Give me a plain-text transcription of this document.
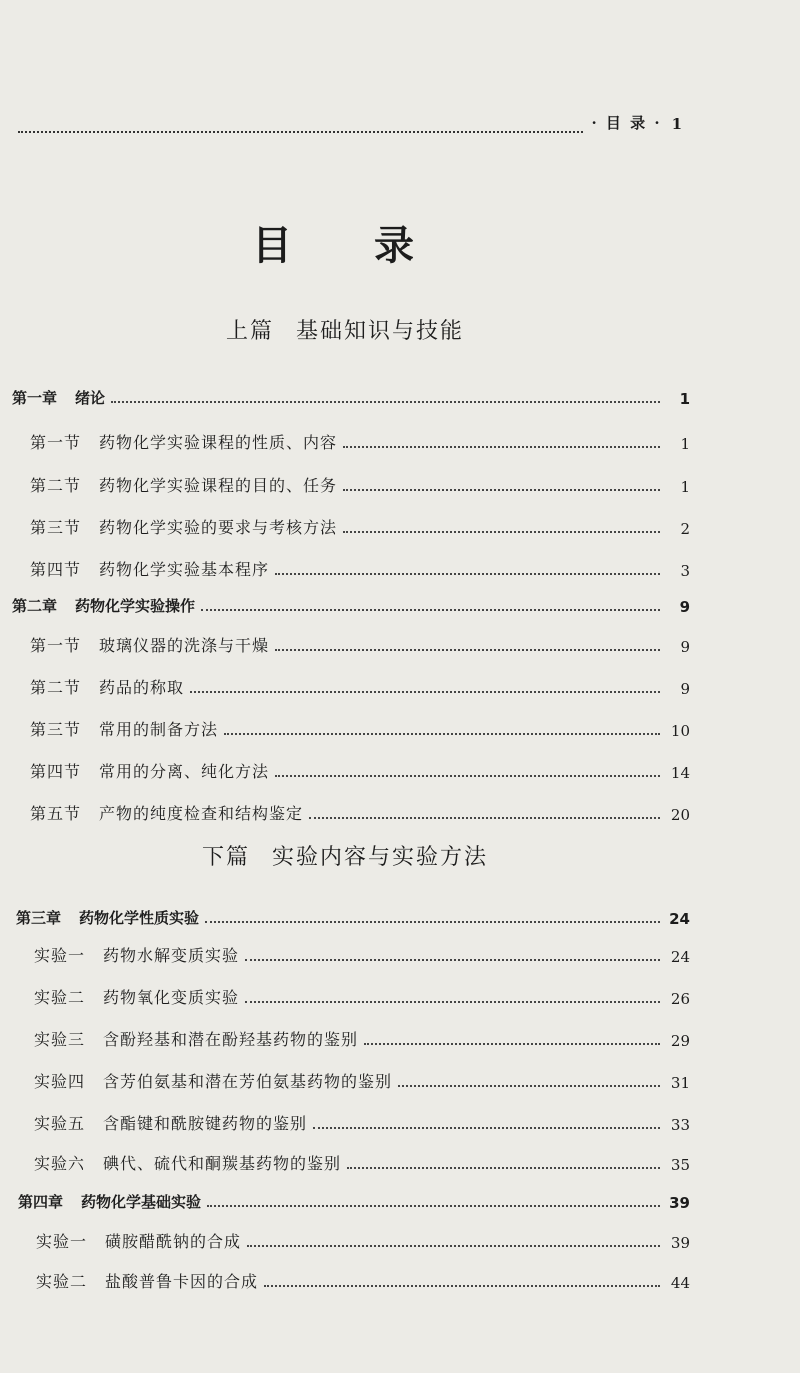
· 目 录 · 1
目 录
上篇 基础知识与技能
第一章 绪论	1
第一节 药物化学实验课程的性质、内容	1
第二节 药物化学实验课程的目的、任务	1
第三节 药物化学实验的要求与考核方法	2
第四节 药物化学实验基本程序	3
第二章 药物化学实验操作	9
第一节 玻璃仪器的洗涤与干燥	9
第二节 药品的称取	9
第三节 常用的制备方法	10
第四节 常用的分离、纯化方法	14
第五节 产物的纯度检查和结构鉴定	20
下篇 实验内容与实验方法
第三章 药物化学性质实验	24
实验一 药物水解变质实验	24
实验二 药物氧化变质实验	26
实验三 含酚羟基和潜在酚羟基药物的鉴别	29
实验四 含芳伯氨基和潜在芳伯氨基药物的鉴别	31
实验五 含酯键和酰胺键药物的鉴别	33
实验六 碘代、硫代和酮羰基药物的鉴别	35
第四章 药物化学基础实验	39
实验一 磺胺醋酰钠的合成	39
实验二 盐酸普鲁卡因的合成	44
